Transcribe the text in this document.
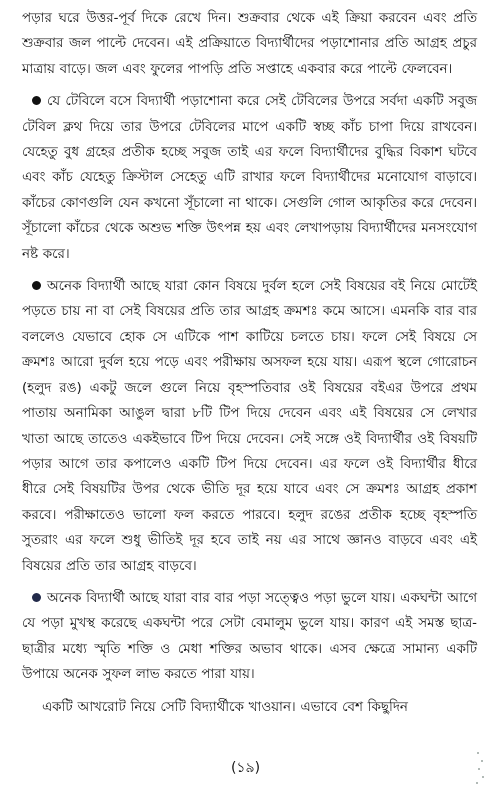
পড়ার ঘরে উত্তর-পূর্ব দিকে রেখে দিন। শুক্রবার থেকে এই ক্রিয়া করবেন এবং প্রতি শুক্রবার জল পাল্টে দেবেন। এই প্রক্রিয়াতে বিদ্যার্থীদের পড়াশোনার প্রতি আগ্রহ প্রচুর মাত্রায় বাড়ে। জল এবং ফুলের পাপড়ি প্রতি সপ্তাহে একবার করে পাল্টে ফেলবেন।

যে টেবিলে বসে বিদ্যার্থী পড়াশোনা করে সেই টেবিলের উপরে সর্বদা একটি সবুজ টেবিল ক্লথ দিয়ে তার উপরে টেবিলের মাপে একটি স্বচ্ছ কাঁচ চাপা দিয়ে রাখবেন। যেহেতু বুধ গ্রহের প্রতীক হচ্ছে সবুজ তাই এর ফলে বিদ্যার্থীদের বুদ্ধির বিকাশ ঘটবে এবং কাঁচ যেহেতু ক্রিস্টাল সেহেতু এটি রাখার ফলে বিদ্যার্থীদের মনোযোগ বাড়াবে। কাঁচের কোণগুলি যেন কখনো সূঁচালো না থাকে। সেগুলি গোল আকৃতির করে দেবেন। সূঁচালো কাঁচের থেকে অশুভ শক্তি উৎপন্ন হয় এবং লেখাপড়ায় বিদ্যার্থীদের মনসংযোগ নষ্ট করে।

অনেক বিদ্যার্থী আছে যারা কোন বিষয়ে দুর্বল হলে সেই বিষয়ের বই নিয়ে মোটেই পড়তে চায় না বা সেই বিষয়ের প্রতি তার আগ্রহ ক্রমশঃ কমে আসে। এমনকি বার বার বললেও যেভাবে হোক সে এটিকে পাশ কাটিয়ে চলতে চায়। ফলে সেই বিষয়ে সে ক্রমশঃ আরো দুর্বল হয়ে পড়ে এবং পরীক্ষায় অসফল হয়ে যায়। এরূপ স্থলে গোরোচন (হলুদ রঙ) একটু জলে গুলে নিয়ে বৃহস্পতিবার ওই বিষয়ের বইএর উপরে প্রথম পাতায় অনামিকা আঙুল দ্বারা ৮টি টিপ দিয়ে দেবেন এবং এই বিষয়ের সে লেখার খাতা আছে তাতেও একইভাবে টিপ দিয়ে দেবেন। সেই সঙ্গে ওই বিদ্যার্থীর ওই বিষয়টি পড়ার আগে তার কপালেও একটি টিপ দিয়ে দেবেন। এর ফলে ওই বিদ্যার্থীর ধীরে ধীরে সেই বিষয়টির উপর থেকে ভীতি দূর হয়ে যাবে এবং সে ক্রমশঃ আগ্রহ প্রকাশ করবে। পরীক্ষাতেও ভালো ফল করতে পারবে। হলুদ রঙের প্রতীক হচ্ছে বৃহস্পতি সুতরাং এর ফলে শুধু ভীতিই দূর হবে তাই নয় এর সাথে জ্ঞানও বাড়বে এবং এই বিষয়ের প্রতি তার আগ্রহ বাড়বে।

অনেক বিদ্যার্থী আছে যারা বার বার পড়া সত্ত্বেও পড়া ভুলে যায়। একঘন্টা আগে যে পড়া মুখস্থ করেছে একঘন্টা পরে সেটা বেমালুম ভুলে যায়। কারণ এই সমস্ত ছাত্র-ছাত্রীর মধ্যে স্মৃতি শক্তি ও মেধা শক্তির অভাব থাকে। এসব ক্ষেত্রে সামান্য একটি উপায়ে অনেক সুফল লাভ করতে পারা যায়।

একটি আখরোট নিয়ে সেটি বিদ্যার্থীকে খাওয়ান। এভাবে বেশ কিছুদিন

(১৯)
